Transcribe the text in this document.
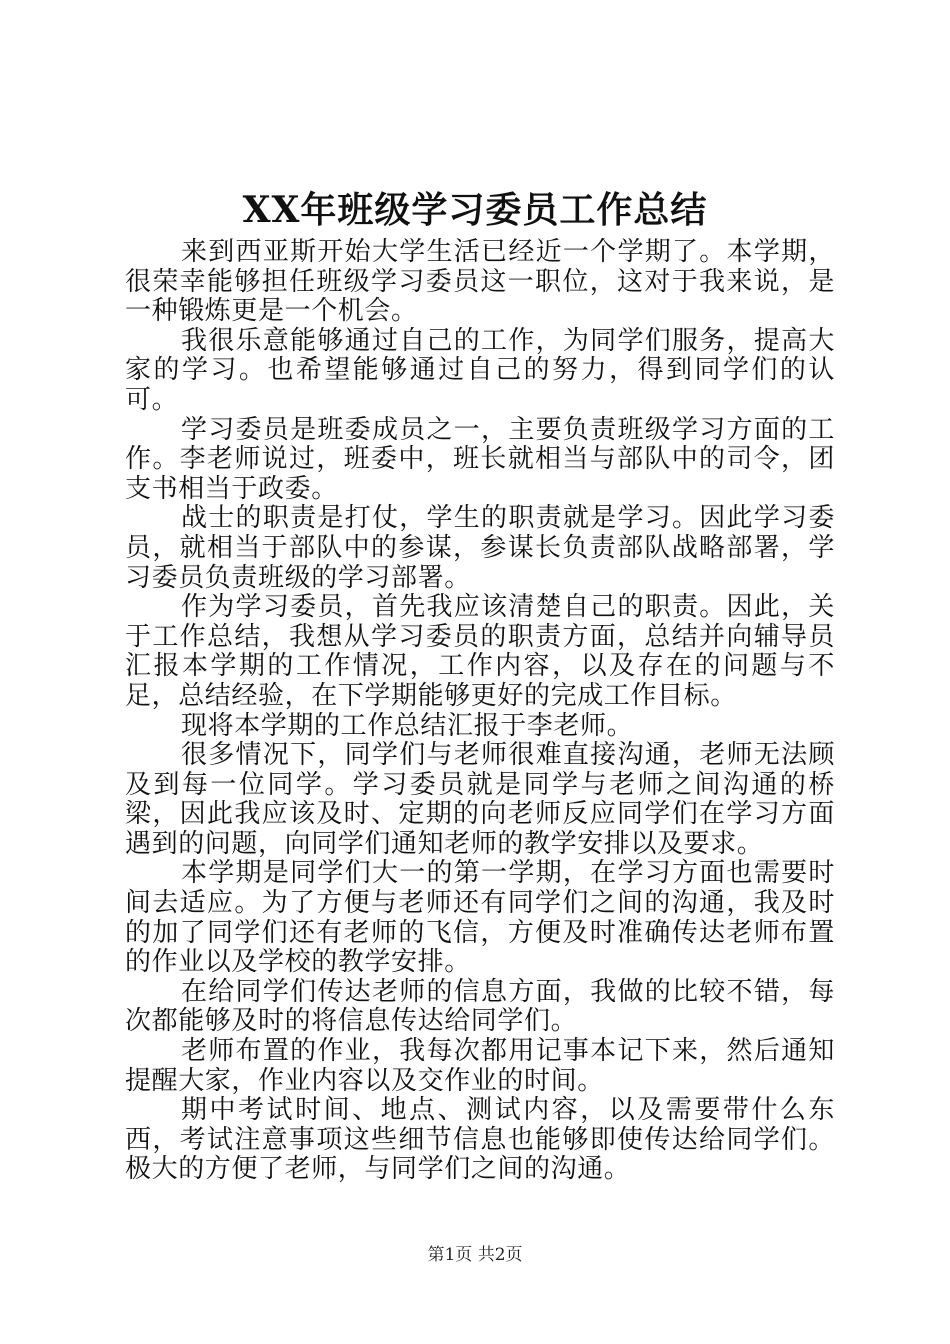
XX年班级学习委员工作总结

来到西亚斯开始大学生活已经近一个学期了。本学期，很荣幸能够担任班级学习委员这一职位，这对于我来说，是一种锻炼更是一个机会。

我很乐意能够通过自己的工作，为同学们服务，提高大家的学习。也希望能够通过自己的努力，得到同学们的认可。

学习委员是班委成员之一，主要负责班级学习方面的工作。李老师说过，班委中，班长就相当与部队中的司令，团支书相当于政委。

战士的职责是打仗，学生的职责就是学习。因此学习委员，就相当于部队中的参谋，参谋长负责部队战略部署，学习委员负责班级的学习部署。

作为学习委员，首先我应该清楚自己的职责。因此，关于工作总结，我想从学习委员的职责方面，总结并向辅导员汇报本学期的工作情况，工作内容，以及存在的问题与不足，总结经验，在下学期能够更好的完成工作目标。

现将本学期的工作总结汇报于李老师。

很多情况下，同学们与老师很难直接沟通，老师无法顾及到每一位同学。学习委员就是同学与老师之间沟通的桥梁，因此我应该及时、定期的向老师反应同学们在学习方面遇到的问题，向同学们通知老师的教学安排以及要求。

本学期是同学们大一的第一学期，在学习方面也需要时间去适应。为了方便与老师还有同学们之间的沟通，我及时的加了同学们还有老师的飞信，方便及时准确传达老师布置的作业以及学校的教学安排。

在给同学们传达老师的信息方面，我做的比较不错，每次都能够及时的将信息传达给同学们。

老师布置的作业，我每次都用记事本记下来，然后通知提醒大家，作业内容以及交作业的时间。

期中考试时间、地点、测试内容，以及需要带什么东西，考试注意事项这些细节信息也能够即使传达给同学们。极大的方便了老师，与同学们之间的沟通。

第1页 共2页
